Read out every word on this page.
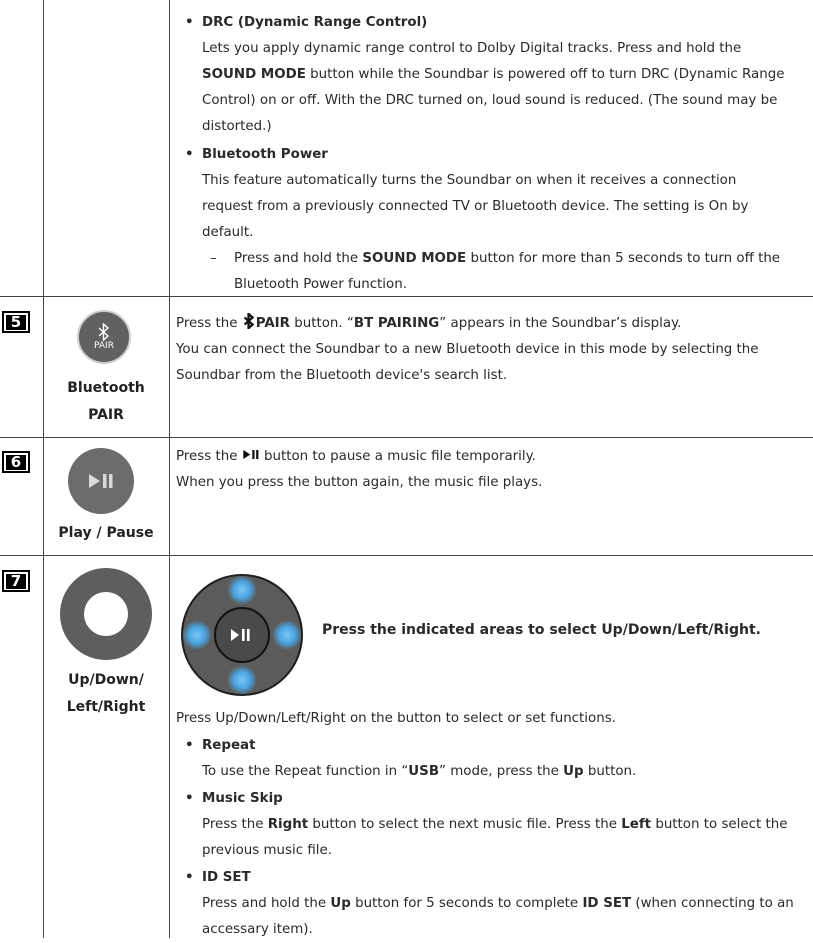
• DRC (Dynamic Range Control)

Lets you apply dynamic range control to Dolby Digital tracks. Press and hold the

SOUND MODE button while the Soundbar is powered off to turn DRC (Dynamic Range

Control) on or off. With the DRC turned on, loud sound is reduced. (The sound may be

distorted.)

• Bluetooth Power

This feature automatically turns the Soundbar on when it receives a connection

request from a previously connected TV or Bluetooth device. The setting is On by

default.

– Press and hold the SOUND MODE button for more than 5 seconds to turn off the

Bluetooth Power function.

5
PAIR
Bluetooth
PAIR

Press the PAIR button. “BT PAIRING” appears in the Soundbar’s display.

You can connect the Soundbar to a new Bluetooth device in this mode by selecting the

Soundbar from the Bluetooth device's search list.

6
Play / Pause

Press the  button to pause a music file temporarily.

When you press the button again, the music file plays.

7
Up/Down/
Left/Right
Press the indicated areas to select Up/Down/Left/Right.

Press Up/Down/Left/Right on the button to select or set functions.

• Repeat

To use the Repeat function in “USB” mode, press the Up button.

• Music Skip

Press the Right button to select the next music file. Press the Left button to select the

previous music file.

• ID SET

Press and hold the Up button for 5 seconds to complete ID SET (when connecting to an

accessary item).
